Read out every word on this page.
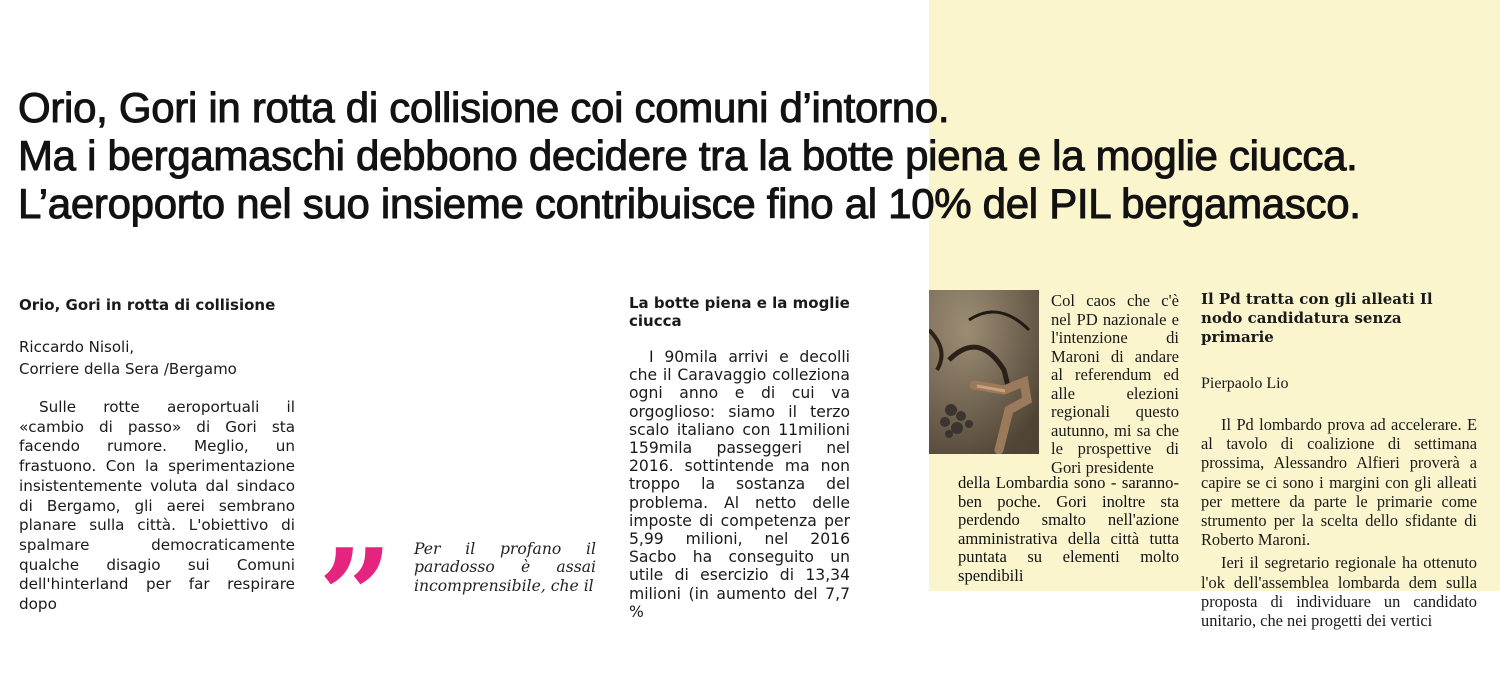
Orio, Gori in rotta di collisione coi comuni d’intorno.
Ma i bergamaschi debbono decidere tra la botte piena e la moglie ciucca.
L’aeroporto nel suo insieme contribuisce fino al 10% del PIL bergamasco.
Orio, Gori in rotta di collisione
Riccardo Nisoli,
Corriere della Sera /Bergamo

Sulle rotte aeroportuali il «cambio di passo» di Gori sta facendo rumore. Meglio, un frastuono. Con la sperimentazione insistentemente voluta dal sindaco di Bergamo, gli aerei sembrano planare sulla città. L'obiettivo di spalmare democraticamente qualche disagio sui Comuni dell'hinterland per far respirare dopo	” Per il profano il paradosso è assai incomprensibile, che il
La botte piena e la moglie ciucca

I 90mila arrivi e decolli che il Caravaggio colleziona ogni anno e di cui va orgoglioso: siamo il terzo scalo italiano con 11milioni 159mila passeggeri nel 2016. sottintende ma non troppo la sostanza del problema. Al netto delle imposte di competenza per 5,99 milioni, nel 2016 Sacbo ha conseguito un utile di esercizio di 13,34 milioni (in aumento del 7,7 %

Col caos che c'è nel PD nazionale e l'intenzione di Maroni di andare al referendum ed alle elezioni regionali questo autunno, mi sa che le prospettive di Gori presidente

della Lombardia sono - saranno- ben poche. Gori inoltre sta perdendo smalto nell'azione amministrativa della città tutta puntata su elementi molto spendibili
Il Pd tratta con gli alleati Il nodo candidatura senza primarie
Pierpaolo Lio

Il Pd lombardo prova ad accelerare. E al tavolo di coalizione di settimana prossima, Alessandro Alfieri proverà a capire se ci sono i margini con gli alleati per mettere da parte le primarie come strumento per la scelta dello sfidante di Roberto Maroni.

Ieri il segretario regionale ha ottenuto l'ok dell'assemblea lombarda dem sulla proposta di individuare un candidato unitario, che nei progetti dei vertici
